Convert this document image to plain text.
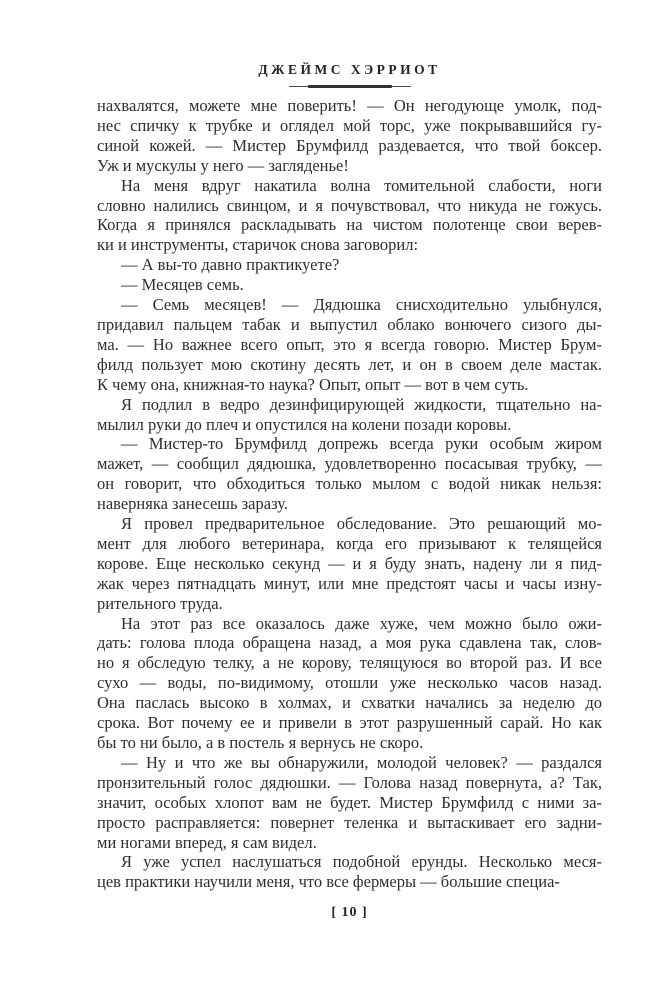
ДЖЕЙМС ХЭРРИОТ
нахвалятся, можете мне поверить! — Он негодующе умолк, под-
нес спичку к трубке и оглядел мой торс, уже покрывавшийся гу-
синой кожей. — Мистер Брумфилд раздевается, что твой боксер.
Уж и мускулы у него — загляденье!
На меня вдруг накатила волна томительной слабости, ноги
словно налились свинцом, и я почувствовал, что никуда не гожусь.
Когда я принялся раскладывать на чистом полотенце свои верев-
ки и инструменты, старичок снова заговорил:
— А вы-то давно практикуете?
— Месяцев семь.
— Семь месяцев! — Дядюшка снисходительно улыбнулся,
придавил пальцем табак и выпустил облако вонючего сизого ды-
ма. — Но важнее всего опыт, это я всегда говорю. Мистер Брум-
филд пользует мою скотину десять лет, и он в своем деле мастак.
К чему она, книжная-то наука? Опыт, опыт — вот в чем суть.
Я подлил в ведро дезинфицирующей жидкости, тщательно на-
мылил руки до плеч и опустился на колени позади коровы.
— Мистер-то Брумфилд допрежь всегда руки особым жиром
мажет, — сообщил дядюшка, удовлетворенно посасывая трубку, —
он говорит, что обходиться только мылом с водой никак нельзя:
наверняка занесешь заразу.
Я провел предварительное обследование. Это решающий мо-
мент для любого ветеринара, когда его призывают к телящейся
корове. Еще несколько секунд — и я буду знать, надену ли я пид-
жак через пятнадцать минут, или мне предстоят часы и часы изну-
рительного труда.
На этот раз все оказалось даже хуже, чем можно было ожи-
дать: голова плода обращена назад, а моя рука сдавлена так, слов-
но я обследую телку, а не корову, телящуюся во второй раз. И все
сухо — воды, по-видимому, отошли уже несколько часов назад.
Она паслась высоко в холмах, и схватки начались за неделю до
срока. Вот почему ее и привели в этот разрушенный сарай. Но как
бы то ни было, а в постель я вернусь не скоро.
— Ну и что же вы обнаружили, молодой человек? — раздался
пронзительный голос дядюшки. — Голова назад повернута, а? Так,
значит, особых хлопот вам не будет. Мистер Брумфилд с ними за-
просто расправляется: повернет теленка и вытаскивает его задни-
ми ногами вперед, я сам видел.
Я уже успел наслушаться подобной ерунды. Несколько меся-
цев практики научили меня, что все фермеры — большие специа-
[ 10 ]
